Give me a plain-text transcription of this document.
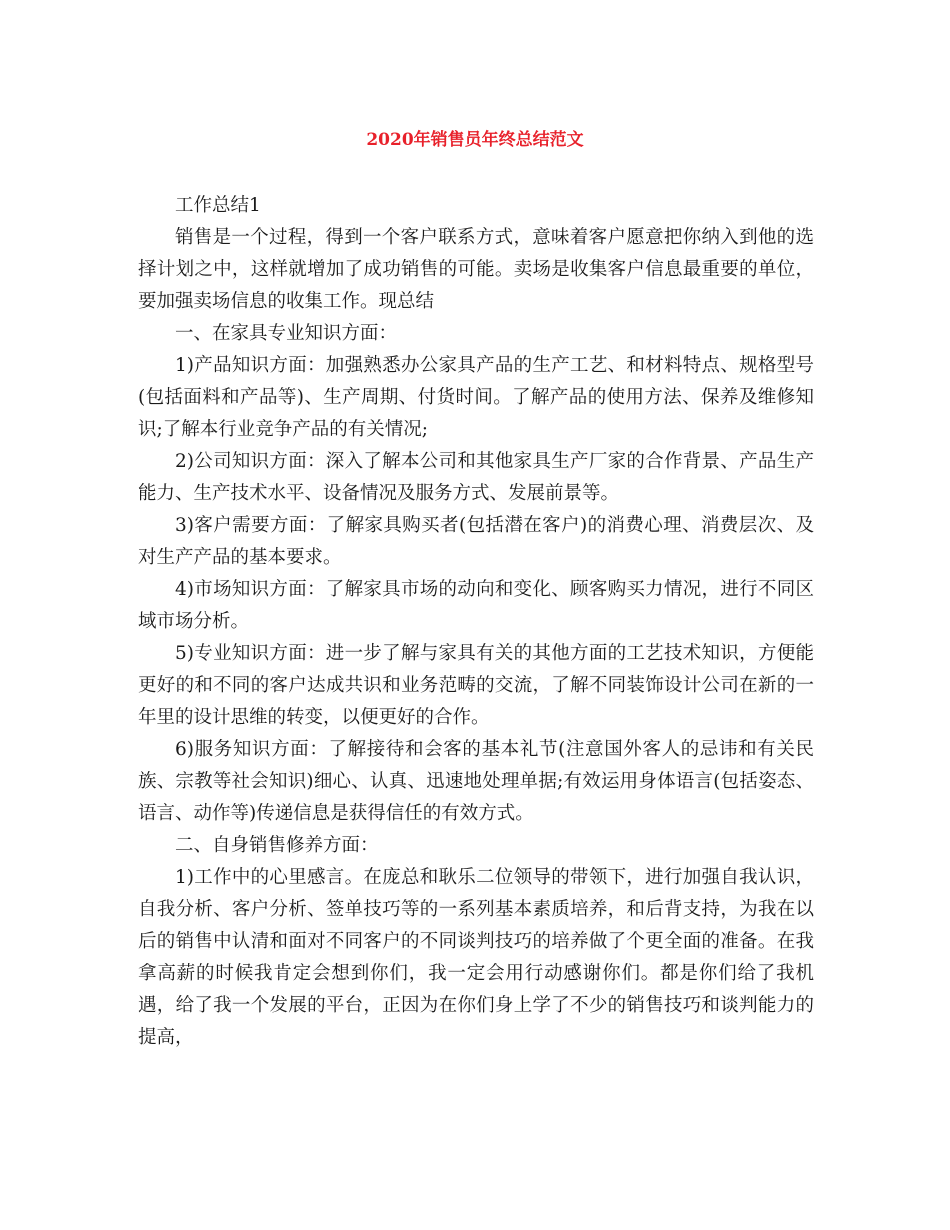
2020年销售员年终总结范文

工作总结1

销售是一个过程，得到一个客户联系方式，意味着客户愿意把你纳入到他的选择计划之中，这样就增加了成功销售的可能。卖场是收集客户信息最重要的单位，要加强卖场信息的收集工作。现总结

一、在家具专业知识方面：

1)产品知识方面：加强熟悉办公家具产品的生产工艺、和材料特点、规格型号(包括面料和产品等)、生产周期、付货时间。了解产品的使用方法、保养及维修知识;了解本行业竞争产品的有关情况;

2)公司知识方面：深入了解本公司和其他家具生产厂家的合作背景、产品生产能力、生产技术水平、设备情况及服务方式、发展前景等。

3)客户需要方面：了解家具购买者(包括潜在客户)的消费心理、消费层次、及对生产产品的基本要求。

4)市场知识方面：了解家具市场的动向和变化、顾客购买力情况，进行不同区域市场分析。

5)专业知识方面：进一步了解与家具有关的其他方面的工艺技术知识，方便能更好的和不同的客户达成共识和业务范畴的交流，了解不同装饰设计公司在新的一年里的设计思维的转变，以便更好的合作。

6)服务知识方面：了解接待和会客的基本礼节(注意国外客人的忌讳和有关民族、宗教等社会知识)细心、认真、迅速地处理单据;有效运用身体语言(包括姿态、语言、动作等)传递信息是获得信任的有效方式。

二、自身销售修养方面：

1)工作中的心里感言。在庞总和耿乐二位领导的带领下，进行加强自我认识，自我分析、客户分析、签单技巧等的一系列基本素质培养，和后背支持，为我在以后的销售中认清和面对不同客户的不同谈判技巧的培养做了个更全面的准备。在我拿高薪的时候我肯定会想到你们，我一定会用行动感谢你们。都是你们给了我机遇，给了我一个发展的平台，正因为在你们身上学了不少的销售技巧和谈判能力的提高，
